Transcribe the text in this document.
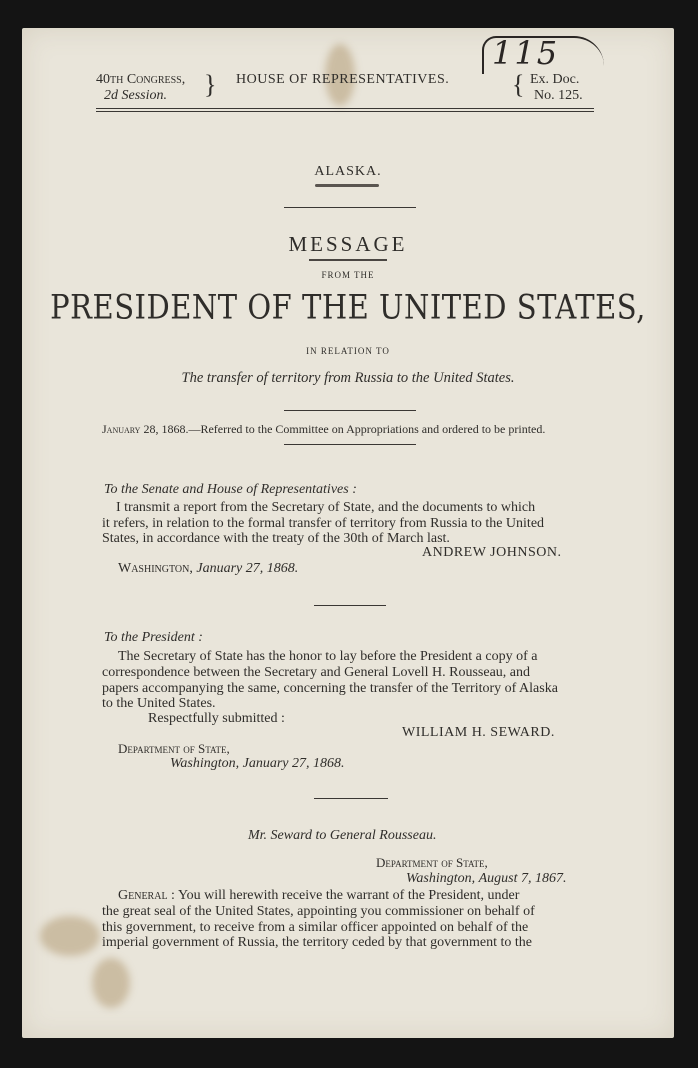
115
40th Congress,
2d Session. } HOUSE OF REPRESENTATIVES. { Ex. Doc.
No. 125.
ALASKA.
MESSAGE
FROM THE
PRESIDENT OF THE UNITED STATES,
IN RELATION TO
The transfer of territory from Russia to the United States.
January 28, 1868.—Referred to the Committee on Appropriations and ordered to be printed.
To the Senate and House of Representatives :
I transmit a report from the Secretary of State, and the documents to which
it refers, in relation to the formal transfer of territory from Russia to the United
States, in accordance with the treaty of the 30th of March last.
ANDREW JOHNSON.
Washington, January 27, 1868.
To the President :
The Secretary of State has the honor to lay before the President a copy of a
correspondence between the Secretary and General Lovell H. Rousseau, and
papers accompanying the same, concerning the transfer of the Territory of Alaska
to the United States.
Respectfully submitted :
WILLIAM H. SEWARD.
Department of State,
Washington, January 27, 1868.
Mr. Seward to General Rousseau.
Department of State,
Washington, August 7, 1867.
General : You will herewith receive the warrant of the President, under
the great seal of the United States, appointing you commissioner on behalf of
this government, to receive from a similar officer appointed on behalf of the
imperial government of Russia, the territory ceded by that government to the
